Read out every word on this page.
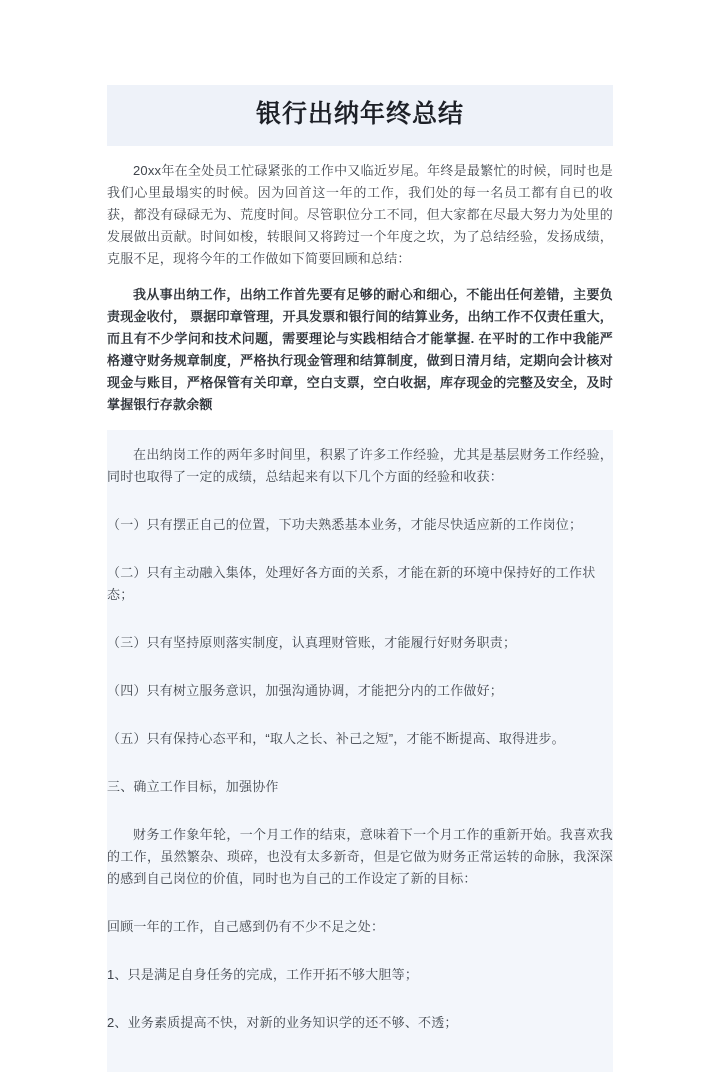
银行出纳年终总结

20xx年在全处员工忙碌紧张的工作中又临近岁尾。年终是最繁忙的时候，同时也是我们心里最塌实的时候。因为回首这一年的工作，我们处的每一名员工都有自已的收获，都没有碌碌无为、荒度时间。尽管职位分工不同，但大家都在尽最大努力为处里的发展做出贡献。时间如梭，转眼间又将跨过一个年度之坎，为了总结经验，发扬成绩，克服不足，现将今年的工作做如下简要回顾和总结：

我从事出纳工作，出纳工作首先要有足够的耐心和细心，不能出任何差错，主要负责现金收付， 票据印章管理，开具发票和银行间的结算业务，出纳工作不仅责任重大，而且有不少学问和技术问题，需要理论与实践相结合才能掌握. 在平时的工作中我能严格遵守财务规章制度，严格执行现金管理和结算制度，做到日清月结，定期向会计核对现金与账目，严格保管有关印章，空白支票，空白收据，库存现金的完整及安全，及时掌握银行存款余额

在出纳岗工作的两年多时间里，积累了许多工作经验，尤其是基层财务工作经验，同时也取得了一定的成绩，总结起来有以下几个方面的经验和收获：

（一）只有摆正自己的位置，下功夫熟悉基本业务，才能尽快适应新的工作岗位；

（二）只有主动融入集体，处理好各方面的关系，才能在新的环境中保持好的工作状态；

（三）只有坚持原则落实制度，认真理财管账，才能履行好财务职责；

（四）只有树立服务意识，加强沟通协调，才能把分内的工作做好；

（五）只有保持心态平和，“取人之长、补己之短”，才能不断提高、取得进步。

三、确立工作目标，加强协作

财务工作象年轮，一个月工作的结束，意味着下一个月工作的重新开始。我喜欢我的工作，虽然繁杂、琐碎，也没有太多新奇，但是它做为财务正常运转的命脉，我深深的感到自己岗位的价值，同时也为自己的工作设定了新的目标：

回顾一年的工作，自己感到仍有不少不足之处：

1、只是满足自身任务的完成，工作开拓不够大胆等；

2、业务素质提高不快，对新的业务知识学的还不够、不透；
